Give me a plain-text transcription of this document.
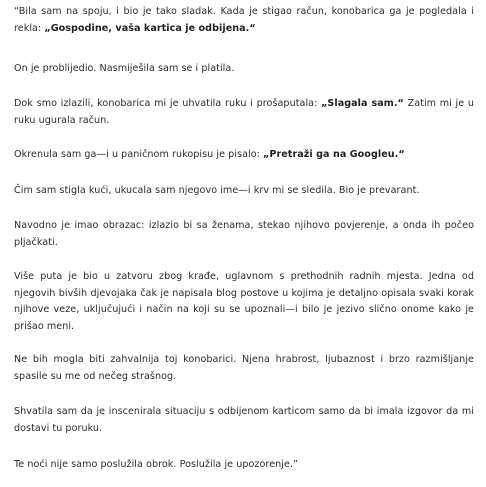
“Bila sam na spoju, i bio je tako sladak. Kada je stigao račun, konobarica ga je pogledala i rekla: „Gospodine, vaša kartica je odbijena.“

On je problijedio. Nasmiješila sam se i platila.

Dok smo izlazili, konobarica mi je uhvatila ruku i prošaputala: „Slagala sam.“ Zatim mi je u ruku ugurala račun.

Okrenula sam ga—i u paničnom rukopisu je pisalo: „Pretraži ga na Googleu.“

Čim sam stigla kući, ukucala sam njegovo ime—i krv mi se sledila. Bio je prevarant.

Navodno je imao obrazac: izlazio bi sa ženama, stekao njihovo povjerenje, a onda ih počeo pljačkati.

Više puta je bio u zatvoru zbog krađe, uglavnom s prethodnih radnih mjesta. Jedna od njegovih bivših djevojaka čak je napisala blog postove u kojima je detaljno opisala svaki korak njihove veze, uključujući i način na koji su se upoznali—i bilo je jezivo slično onome kako je prišao meni.

Ne bih mogla biti zahvalnija toj konobarici. Njena hrabrost, ljubaznost i brzo razmišljanje spasile su me od nečeg strašnog.

Shvatila sam da je inscenirala situaciju s odbijenom karticom samo da bi imala izgovor da mi dostavi tu poruku.

Te noći nije samo poslužila obrok. Poslužila je upozorenje.”
